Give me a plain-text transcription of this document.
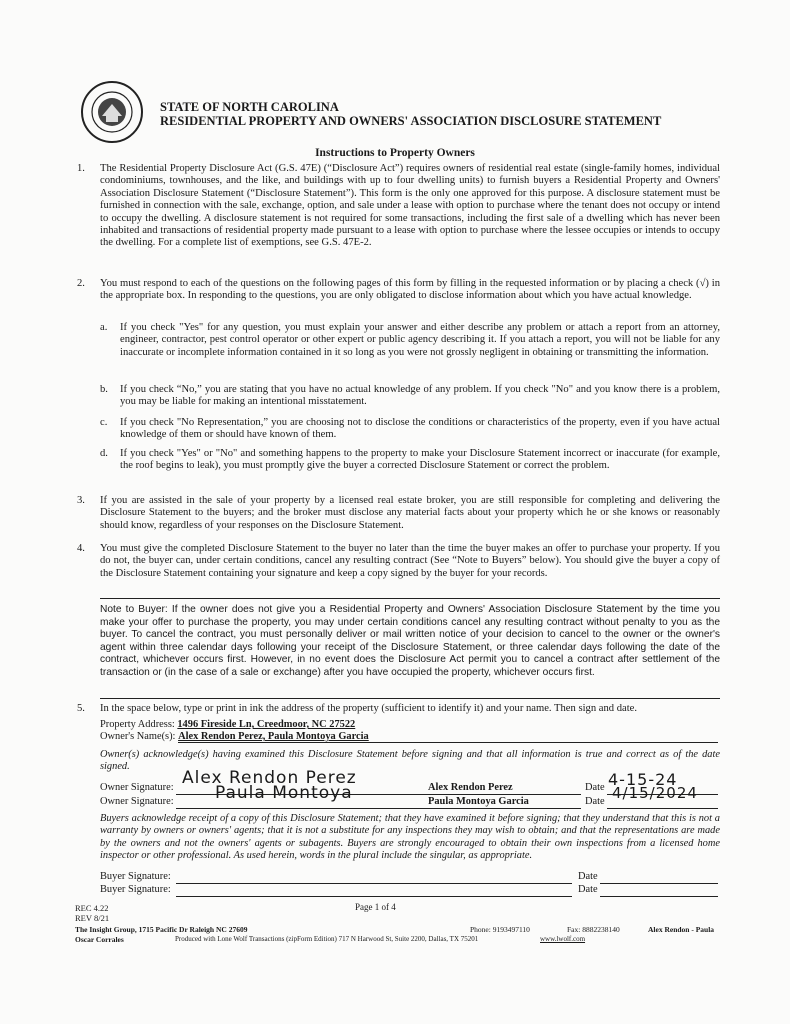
STATE OF NORTH CAROLINA
RESIDENTIAL PROPERTY AND OWNERS' ASSOCIATION DISCLOSURE STATEMENT
Instructions to Property Owners
1. The Residential Property Disclosure Act (G.S. 47E) (“Disclosure Act”) requires owners of residential real estate (single-family homes, individual condominiums, townhouses, and the like, and buildings with up to four dwelling units) to furnish buyers a Residential Property and Owners' Association Disclosure Statement (“Disclosure Statement”). This form is the only one approved for this purpose. A disclosure statement must be furnished in connection with the sale, exchange, option, and sale under a lease with option to purchase where the tenant does not occupy or intend to occupy the dwelling. A disclosure statement is not required for some transactions, including the first sale of a dwelling which has never been inhabited and transactions of residential property made pursuant to a lease with option to purchase where the lessee occupies or intends to occupy the dwelling. For a complete list of exemptions, see G.S. 47E-2.
2. You must respond to each of the questions on the following pages of this form by filling in the requested information or by placing a check (√) in the appropriate box. In responding to the questions, you are only obligated to disclose information about which you have actual knowledge.
a. If you check "Yes" for any question, you must explain your answer and either describe any problem or attach a report from an attorney, engineer, contractor, pest control operator or other expert or public agency describing it. If you attach a report, you will not be liable for any inaccurate or incomplete information contained in it so long as you were not grossly negligent in obtaining or transmitting the information.
b. If you check “No,” you are stating that you have no actual knowledge of any problem. If you check "No" and you know there is a problem, you may be liable for making an intentional misstatement.
c. If you check "No Representation,” you are choosing not to disclose the conditions or characteristics of the property, even if you have actual knowledge of them or should have known of them.
d. If you check "Yes" or "No" and something happens to the property to make your Disclosure Statement incorrect or inaccurate (for example, the roof begins to leak), you must promptly give the buyer a corrected Disclosure Statement or correct the problem.
3. If you are assisted in the sale of your property by a licensed real estate broker, you are still responsible for completing and delivering the Disclosure Statement to the buyers; and the broker must disclose any material facts about your property which he or she knows or reasonably should know, regardless of your responses on the Disclosure Statement.
4. You must give the completed Disclosure Statement to the buyer no later than the time the buyer makes an offer to purchase your property. If you do not, the buyer can, under certain conditions, cancel any resulting contract (See “Note to Buyers” below). You should give the buyer a copy of the Disclosure Statement containing your signature and keep a copy signed by the buyer for your records.
Note to Buyer: If the owner does not give you a Residential Property and Owners' Association Disclosure Statement by the time you make your offer to purchase the property, you may under certain conditions cancel any resulting contract without penalty to you as the buyer. To cancel the contract, you must personally deliver or mail written notice of your decision to cancel to the owner or the owner's agent within three calendar days following your receipt of the Disclosure Statement, or three calendar days following the date of the contract, whichever occurs first. However, in no event does the Disclosure Act permit you to cancel a contract after settlement of the transaction or (in the case of a sale or exchange) after you have occupied the property, whichever occurs first.
5. In the space below, type or print in ink the address of the property (sufficient to identify it) and your name. Then sign and date.
Property Address: 1496 Fireside Ln, Creedmoor, NC 27522
Owner's Name(s): Alex Rendon Perez, Paula Montoya Garcia
Owner(s) acknowledge(s) having examined this Disclosure Statement before signing and that all information is true and correct as of the date signed.
Owner Signature: Alex Rendon Perez	Alex Rendon Perez	Date 4-15-24
Owner Signature: Paula Montoya	Paula Montoya Garcia	Date 4/15/2024
Buyers acknowledge receipt of a copy of this Disclosure Statement; that they have examined it before signing; that they understand that this is not a warranty by owners or owners' agents; that it is not a substitute for any inspections they may wish to obtain; and that the representations are made by the owners and not the owners' agents or subagents. Buyers are strongly encouraged to obtain their own inspections from a licensed home inspector or other professional. As used herein, words in the plural include the singular, as appropriate.
Buyer Signature:	Date
Buyer Signature:	Date
REC 4.22
REV 8/21
Page 1 of 4
The Insight Group, 1715 Pacific Dr Raleigh NC 27609
Oscar Corrales
Phone: 9193497110	Fax: 8882238140	Alex Rendon - Paula
Produced with Lone Wolf Transactions (zipForm Edition) 717 N Harwood St, Suite 2200, Dallas, TX 75201	www.lwolf.com
